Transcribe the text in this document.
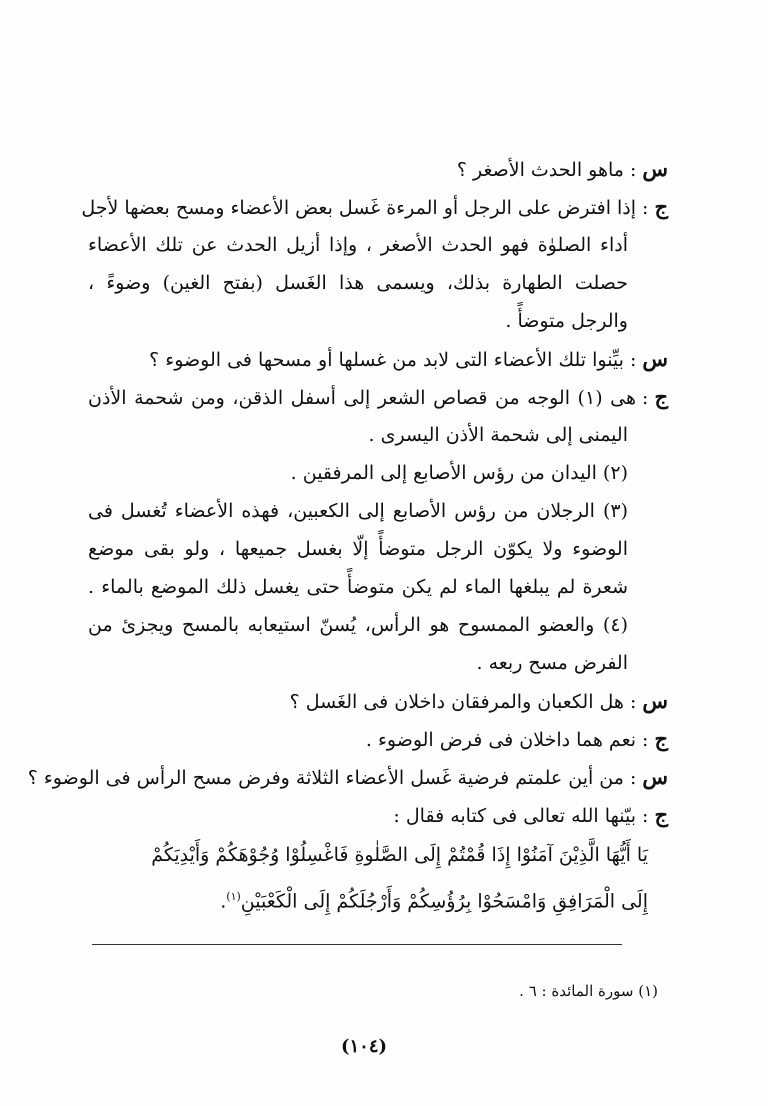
س:ماهو الحدث الأصغر ؟
ج:إذا افترض على الرجل أو المرءة غَسل بعض الأعضاء ومسح بعضها لأجل
أداء الصلوٰة فهو الحدث الأصغر ، وإذا أزيل الحدث عن تلك الأعضاء
حصلت الطهارة بذلك، ويسمى هذا الغَسل (بفتح الغين) وضوءً ،
والرجل متوضأً .
س:بيِّنوا تلك الأعضاء التى لابد من غسلها أو مسحها فى الوضوء ؟
ج:هى (١) الوجه من قصاص الشعر إلى أسفل الذقن، ومن شحمة الأذن
اليمنى إلى شحمة الأذن اليسرى .
(٢) اليدان من رؤس الأصابع إلى المرفقين .
(٣) الرجلان من رؤس الأصابع إلى الكعبين، فهذه الأعضاء تُغسل فى
الوضوء ولا يكوّن الرجل متوضأً إلّا بغسل جميعها ، ولو بقى موضع
شعرة لم يبلغها الماء لم يكن متوضأً حتى يغسل ذلك الموضع بالماء .
(٤) والعضو الممسوح هو الرأس، يُسنّ استيعابه بالمسح ويجزئ من
الفرض مسح ربعه .
س:هل الكعبان والمرفقان داخلان فى الغَسل ؟
ج:نعم هما داخلان فى فرض الوضوء .
س:من أين علمتم فرضية غَسل الأعضاء الثلاثة وفرض مسح الرأس فى الوضوء ؟
ج:بيّنها الله تعالى فى كتابه فقال :
يَا أَيُّهَا الَّذِيْنَ آمَنُوْا إِذَا قُمْتُمْ إِلَى الصَّلٰوةِ فَاغْسِلُوْا وُجُوْهَكُمْ وَأَيْدِيَكُمْ
إِلَى الْمَرَافِقِ وَامْسَحُوْا بِرُؤُسِكُمْ وَأَرْجُلَكُمْ إِلَى الْكَعْبَيْنِ$^{(١)}$.
(١) سورة المائدة : ٦ .
(١٠٤)
